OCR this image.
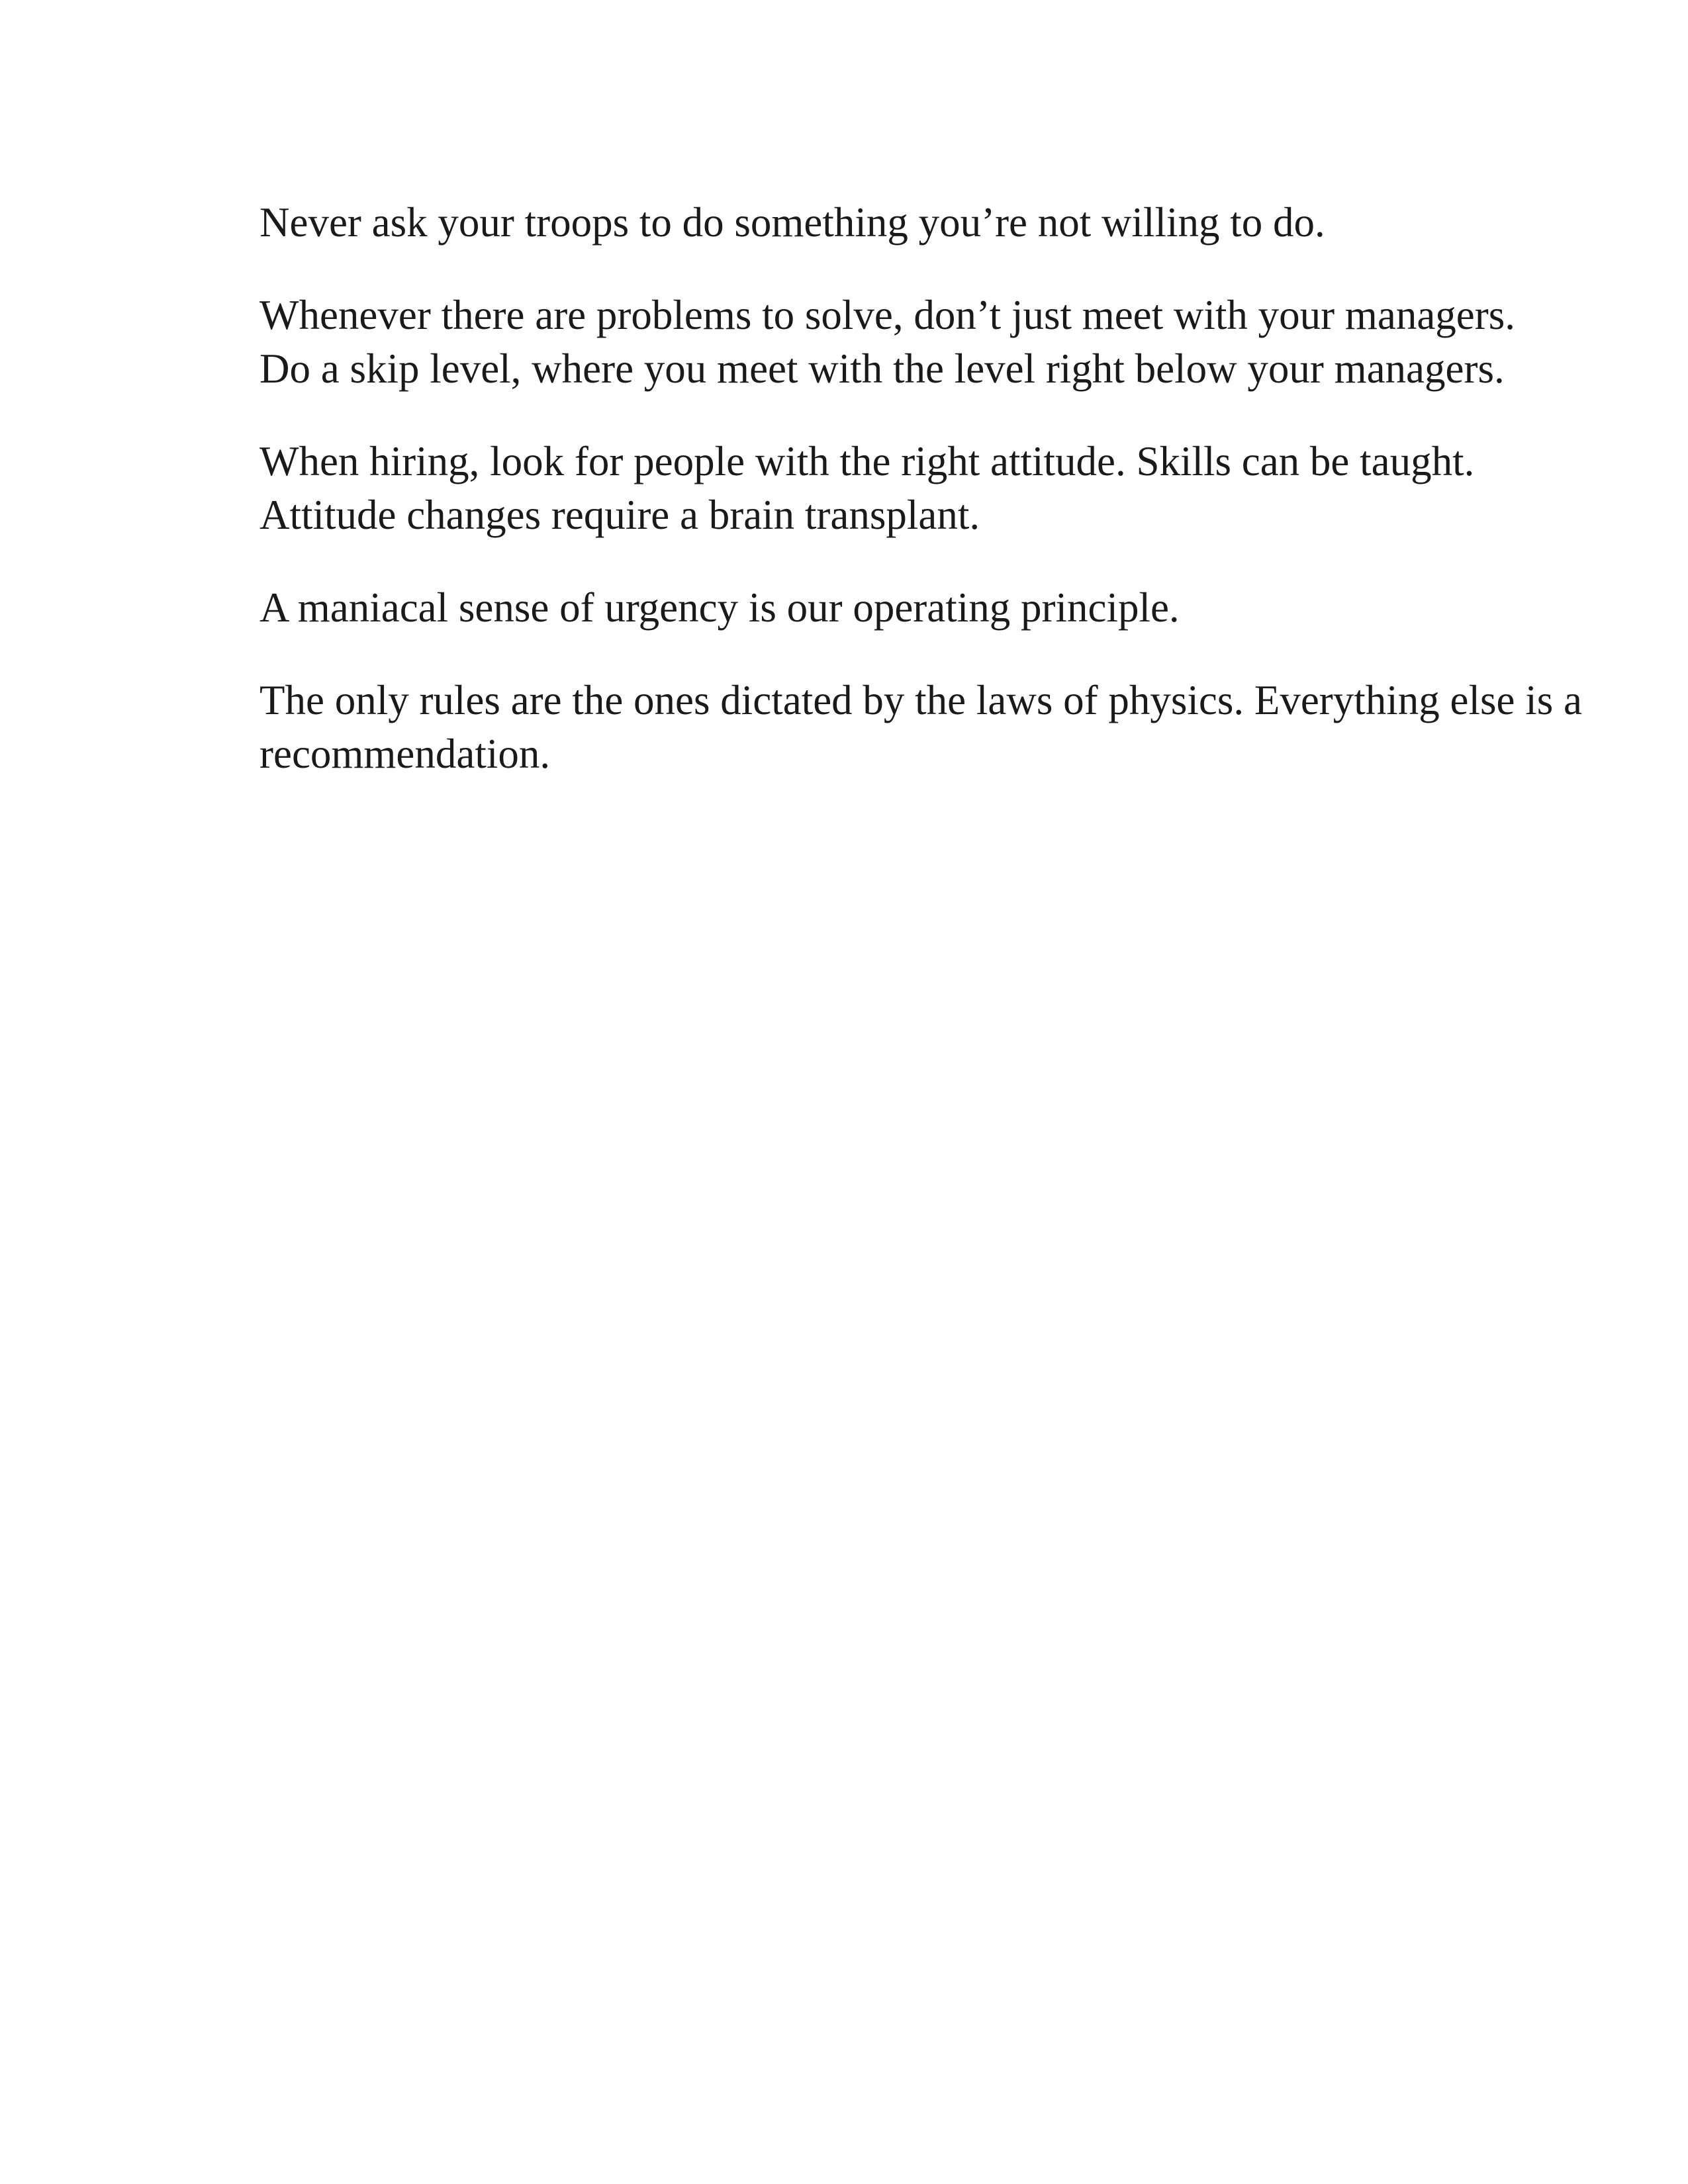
Never ask your troops to do something you’re not willing to do.

Whenever there are problems to solve, don’t just meet with your managers.
Do a skip level, where you meet with the level right below your managers.

When hiring, look for people with the right attitude. Skills can be taught.
Attitude changes require a brain transplant.

A maniacal sense of urgency is our operating principle.

The only rules are the ones dictated by the laws of physics. Everything else is a
recommendation.
